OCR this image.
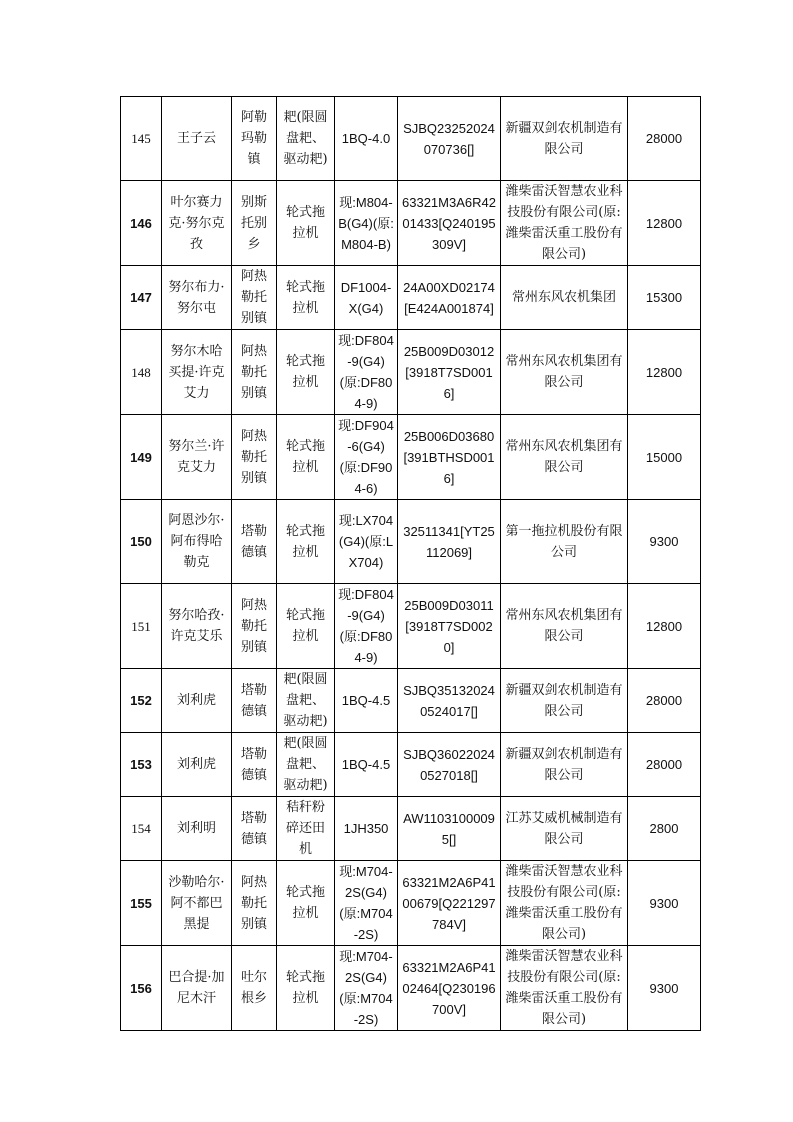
145	王子云	阿勒玛勒镇	耙(限圆盘耙、驱动耙)	1BQ-4.0	SJBQ23252024070736[]	新疆双剑农机制造有限公司	28000
146	叶尔赛力克·努尔克孜	别斯托别乡	轮式拖拉机	现:M804-B(G4)(原:M804-B)	63321M3A6R4201433[Q240195309V]	潍柴雷沃智慧农业科技股份有限公司(原:潍柴雷沃重工股份有限公司)	12800
147	努尔布力·努尔屯	阿热勒托别镇	轮式拖拉机	DF1004-X(G4)	24A00XD02174[E424A001874]	常州东风农机集团	15300
148	努尔木哈买提·许克艾力	阿热勒托别镇	轮式拖拉机	现:DF804-9(G4)(原:DF804-9)	25B009D03012[3918T7SD0016]	常州东风农机集团有限公司	12800
149	努尔兰·许克艾力	阿热勒托别镇	轮式拖拉机	现:DF904-6(G4)(原:DF904-6)	25B006D03680[391BTHSD0016]	常州东风农机集团有限公司	15000
150	阿恩沙尔·阿布得哈勒克	塔勒德镇	轮式拖拉机	现:LX704(G4)(原:LX704)	32511341[YT25112069]	第一拖拉机股份有限公司	9300
151	努尔哈孜·许克艾乐	阿热勒托别镇	轮式拖拉机	现:DF804-9(G4)(原:DF804-9)	25B009D03011[3918T7SD0020]	常州东风农机集团有限公司	12800
152	刘利虎	塔勒德镇	耙(限圆盘耙、驱动耙)	1BQ-4.5	SJBQ351320240524017[]	新疆双剑农机制造有限公司	28000
153	刘利虎	塔勒德镇	耙(限圆盘耙、驱动耙)	1BQ-4.5	SJBQ360220240527018[]	新疆双剑农机制造有限公司	28000
154	刘利明	塔勒德镇	秸秆粉碎还田机	1JH350	AW11031000095[]	江苏艾威机械制造有限公司	2800
155	沙勒哈尔·阿不都巴黑提	阿热勒托别镇	轮式拖拉机	现:M704-2S(G4)(原:M704-2S)	63321M2A6P4100679[Q221297784V]	潍柴雷沃智慧农业科技股份有限公司(原:潍柴雷沃重工股份有限公司)	9300
156	巴合提·加尼木汗	吐尔根乡	轮式拖拉机	现:M704-2S(G4)(原:M704-2S)	63321M2A6P4102464[Q230196700V]	潍柴雷沃智慧农业科技股份有限公司(原:潍柴雷沃重工股份有限公司)	9300
